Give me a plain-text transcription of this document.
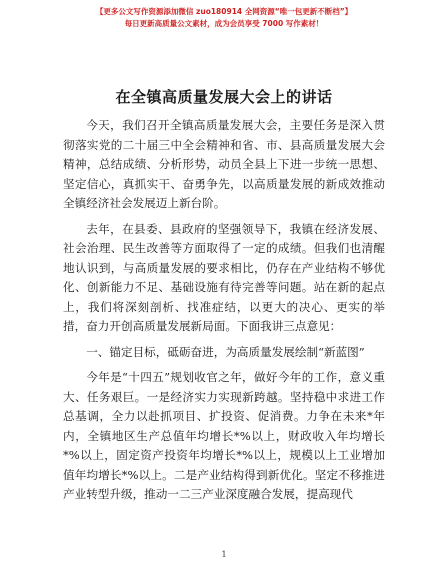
【更多公文写作资源添加微信 zuo180914 全网资源“唯一包更新不断档”】
每日更新高质量公文素材，成为会员享受 7000 写作素材！
在全镇高质量发展大会上的讲话

今天，我们召开全镇高质量发展大会，主要任务是深入贯彻落实党的二十届三中全会精神和省、市、县高质量发展大会精神，总结成绩、分析形势，动员全县上下进一步统一思想、坚定信心，真抓实干、奋勇争先，以高质量发展的新成效推动全镇经济社会发展迈上新台阶。

去年，在县委、县政府的坚强领导下，我镇在经济发展、社会治理、民生改善等方面取得了一定的成绩。但我们也清醒地认识到，与高质量发展的要求相比，仍存在产业结构不够优化、创新能力不足、基础设施有待完善等问题。站在新的起点上，我们将深刻剖析、找准症结，以更大的决心、更实的举措，奋力开创高质量发展新局面。下面我讲三点意见：

一、锚定目标，砥砺奋进，为高质量发展绘制“新蓝图”

今年是“十四五”规划收官之年，做好今年的工作，意义重大、任务艰巨。一是经济实力实现新跨越。坚持稳中求进工作总基调，全力以赴抓项目、扩投资、促消费。力争在未来*年内，全镇地区生产总值年均增长*%以上，财政收入年均增长*%以上，固定资产投资年均增长*%以上，规模以上工业增加值年均增长*%以上。二是产业结构得到新优化。坚定不移推进产业转型升级，推动一二三产业深度融合发展，提高现代

1
